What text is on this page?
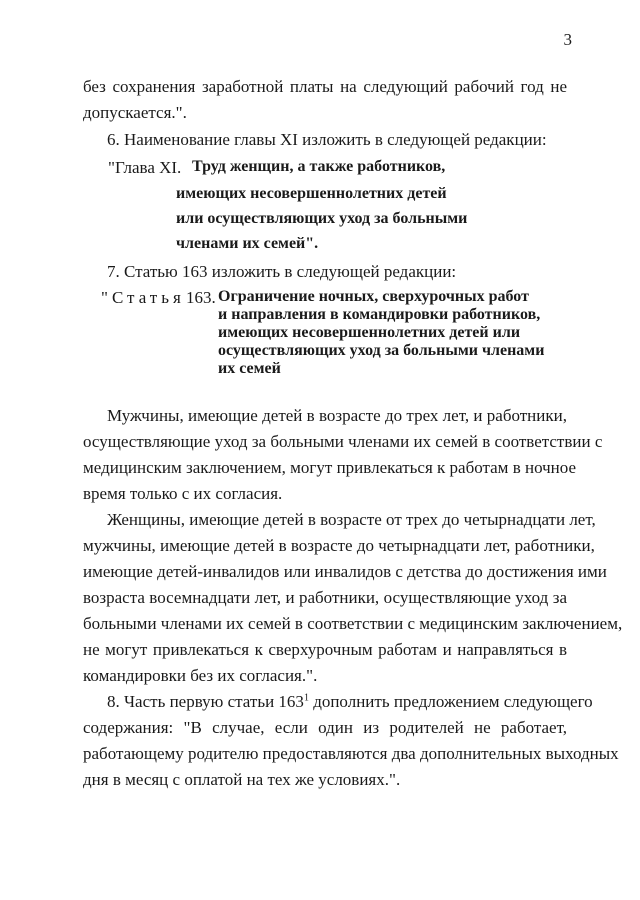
3
без сохранения заработной платы на следующий рабочий год не
допускается.".
6. Наименование главы XI изложить в следующей редакции:
"Глава XI. Труд женщин, а также работников,
имеющих несовершеннолетних детей
или осуществляющих уход за больными
членами их семей".
7. Статью 163 изложить в следующей редакции:
"Статья 163. Ограничение ночных, сверхурочных работ
и направления в командировки работников,
имеющих несовершеннолетних детей или
осуществляющих уход за больными членами
их семей
Мужчины, имеющие детей в возрасте до трех лет, и работники,
осуществляющие уход за больными членами их семей в соответствии с
медицинским заключением, могут привлекаться к работам в ночное
время только с их согласия.
Женщины, имеющие детей в возрасте от трех до четырнадцати лет,
мужчины, имеющие детей в возрасте до четырнадцати лет, работники,
имеющие детей-инвалидов или инвалидов с детства до достижения ими
возраста восемнадцати лет, и работники, осуществляющие уход за
больными членами их семей в соответствии с медицинским заключением,
не могут привлекаться к сверхурочным работам и направляться в
командировки без их согласия.".
8. Часть первую статьи $163^1$ дополнить предложением следующего
содержания: "В случае, если один из родителей не работает,
работающему родителю предоставляются два дополнительных выходных
дня в месяц с оплатой на тех же условиях.".
